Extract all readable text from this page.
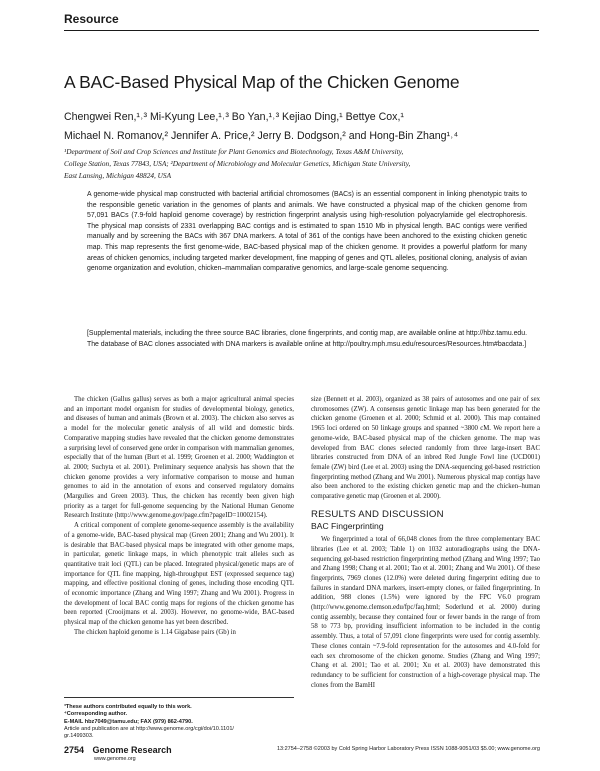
Resource
A BAC-Based Physical Map of the Chicken Genome
Chengwei Ren,¹˒³ Mi-Kyung Lee,¹˒³ Bo Yan,¹˒³ Kejiao Ding,¹ Bettye Cox,¹
Michael N. Romanov,² Jennifer A. Price,² Jerry B. Dodgson,² and Hong-Bin Zhang¹˒⁴
¹Department of Soil and Crop Sciences and Institute for Plant Genomics and Biotechnology, Texas A&M University,
College Station, Texas 77843, USA; ²Department of Microbiology and Molecular Genetics, Michigan State University,
East Lansing, Michigan 48824, USA
A genome-wide physical map constructed with bacterial artificial chromosomes (BACs) is an essential component in linking phenotypic traits to the responsible genetic variation in the genomes of plants and animals. We have constructed a physical map of the chicken genome from 57,091 BACs (7.9-fold haploid genome coverage) by restriction fingerprint analysis using high-resolution polyacrylamide gel electrophoresis. The physical map consists of 2331 overlapping BAC contigs and is estimated to span 1510 Mb in physical length. BAC contigs were verified manually and by screening the BACs with 367 DNA markers. A total of 361 of the contigs have been anchored to the existing chicken genetic map. This map represents the first genome-wide, BAC-based physical map of the chicken genome. It provides a powerful platform for many areas of chicken genomics, including targeted marker development, fine mapping of genes and QTL alleles, positional cloning, analysis of avian genome organization and evolution, chicken–mammalian comparative genomics, and large-scale genome sequencing.
[Supplemental materials, including the three source BAC libraries, clone fingerprints, and contig map, are available online at http://hbz.tamu.edu. The database of BAC clones associated with DNA markers is available online at http://poultry.mph.msu.edu/resources/Resources.htm#bacdata.]

The chicken (Gallus gallus) serves as both a major agricultural animal species and an important model organism for studies of developmental biology, genetics, and diseases of human and animals (Brown et al. 2003). The chicken also serves as a model for the molecular genetic analysis of all wild and domestic birds. Comparative mapping studies have revealed that the chicken genome demonstrates a surprising level of conserved gene order in comparison with mammalian genomes, especially that of the human (Burt et al. 1999; Groenen et al. 2000; Waddington et al. 2000; Suchyta et al. 2001). Preliminary sequence analysis has shown that the chicken genome provides a very informative comparison to mouse and human genomes to aid in the annotation of exons and conserved regulatory domains (Margulies and Green 2003). Thus, the chicken has recently been given high priority as a target for full-genome sequencing by the National Human Genome Research Institute (http://www.genome.gov/page.cfm?pageID=10002154).

A critical component of complete genome-sequence assembly is the availability of a genome-wide, BAC-based physical map (Green 2001; Zhang and Wu 2001). It is desirable that BAC-based physical maps be integrated with other genome maps, in particular, genetic linkage maps, in which phenotypic trait alleles such as quantitative trait loci (QTL) can be placed. Integrated physical/genetic maps are of importance for QTL fine mapping, high-throughput EST (expressed sequence tag) mapping, and effective positional cloning of genes, including those encoding QTL of economic importance (Zhang and Wing 1997; Zhang and Wu 2001). Progress in the development of local BAC contig maps for regions of the chicken genome has been reported (Crooijmans et al. 2003). However, no genome-wide, BAC-based physical map of the chicken genome has yet been described.

The chicken haploid genome is 1.14 Gigabase pairs (Gb) in

size (Bennett et al. 2003), organized as 38 pairs of autosomes and one pair of sex chromosomes (ZW). A consensus genetic linkage map has been generated for the chicken genome (Groenen et al. 2000; Schmid et al. 2000). This map contained 1965 loci ordered on 50 linkage groups and spanned ~3800 cM. We report here a genome-wide, BAC-based physical map of the chicken genome. The map was developed from BAC clones selected randomly from three large-insert BAC libraries constructed from DNA of an inbred Red Jungle Fowl line (UCD001) female (ZW) bird (Lee et al. 2003) using the DNA-sequencing gel-based restriction fingerprinting method (Zhang and Wu 2001). Numerous physical map contigs have also been anchored to the existing chicken genetic map and the chicken–human comparative genetic map (Groenen et al. 2000).

RESULTS AND DISCUSSION
BAC Fingerprinting

We fingerprinted a total of 66,048 clones from the three complementary BAC libraries (Lee et al. 2003; Table 1) on 1032 autoradiographs using the DNA-sequencing gel-based restriction fingerprinting method (Zhang and Wing 1997; Tao and Zhang 1998; Chang et al. 2001; Tao et al. 2001; Zhang and Wu 2001). Of these fingerprints, 7969 clones (12.0%) were deleted during fingerprint editing due to failures in standard DNA markers, insert-empty clones, or failed fingerprinting. In addition, 988 clones (1.5%) were ignored by the FPC V6.0 program (http://www.genome.clemson.edu/fpc/faq.html; Soderlund et al. 2000) during contig assembly, because they contained four or fewer bands in the range of from 58 to 773 bp, providing insufficient information to be included in the contig assembly. Thus, a total of 57,091 clone fingerprints were used for contig assembly. These clones contain ~7.9-fold representation for the autosomes and 4.0-fold for each sex chromosome of the chicken genome. Studies (Zhang and Wing 1997; Chang et al. 2001; Tao et al. 2001; Xu et al. 2003) have demonstrated this redundancy to be sufficient for construction of a high-coverage physical map. The clones from the BamHI

³These authors contributed equally to this work.
⁴Corresponding author.
E-MAIL hbz7049@tamu.edu; FAX (979) 862-4790.
Article and publication are at http://www.genome.org/cgi/doi/10.1101/
gr.1499303.
2754 Genome Research
www.genome.org
13:2754–2758 ©2003 by Cold Spring Harbor Laboratory Press ISSN 1088-9051/03 $5.00; www.genome.org
